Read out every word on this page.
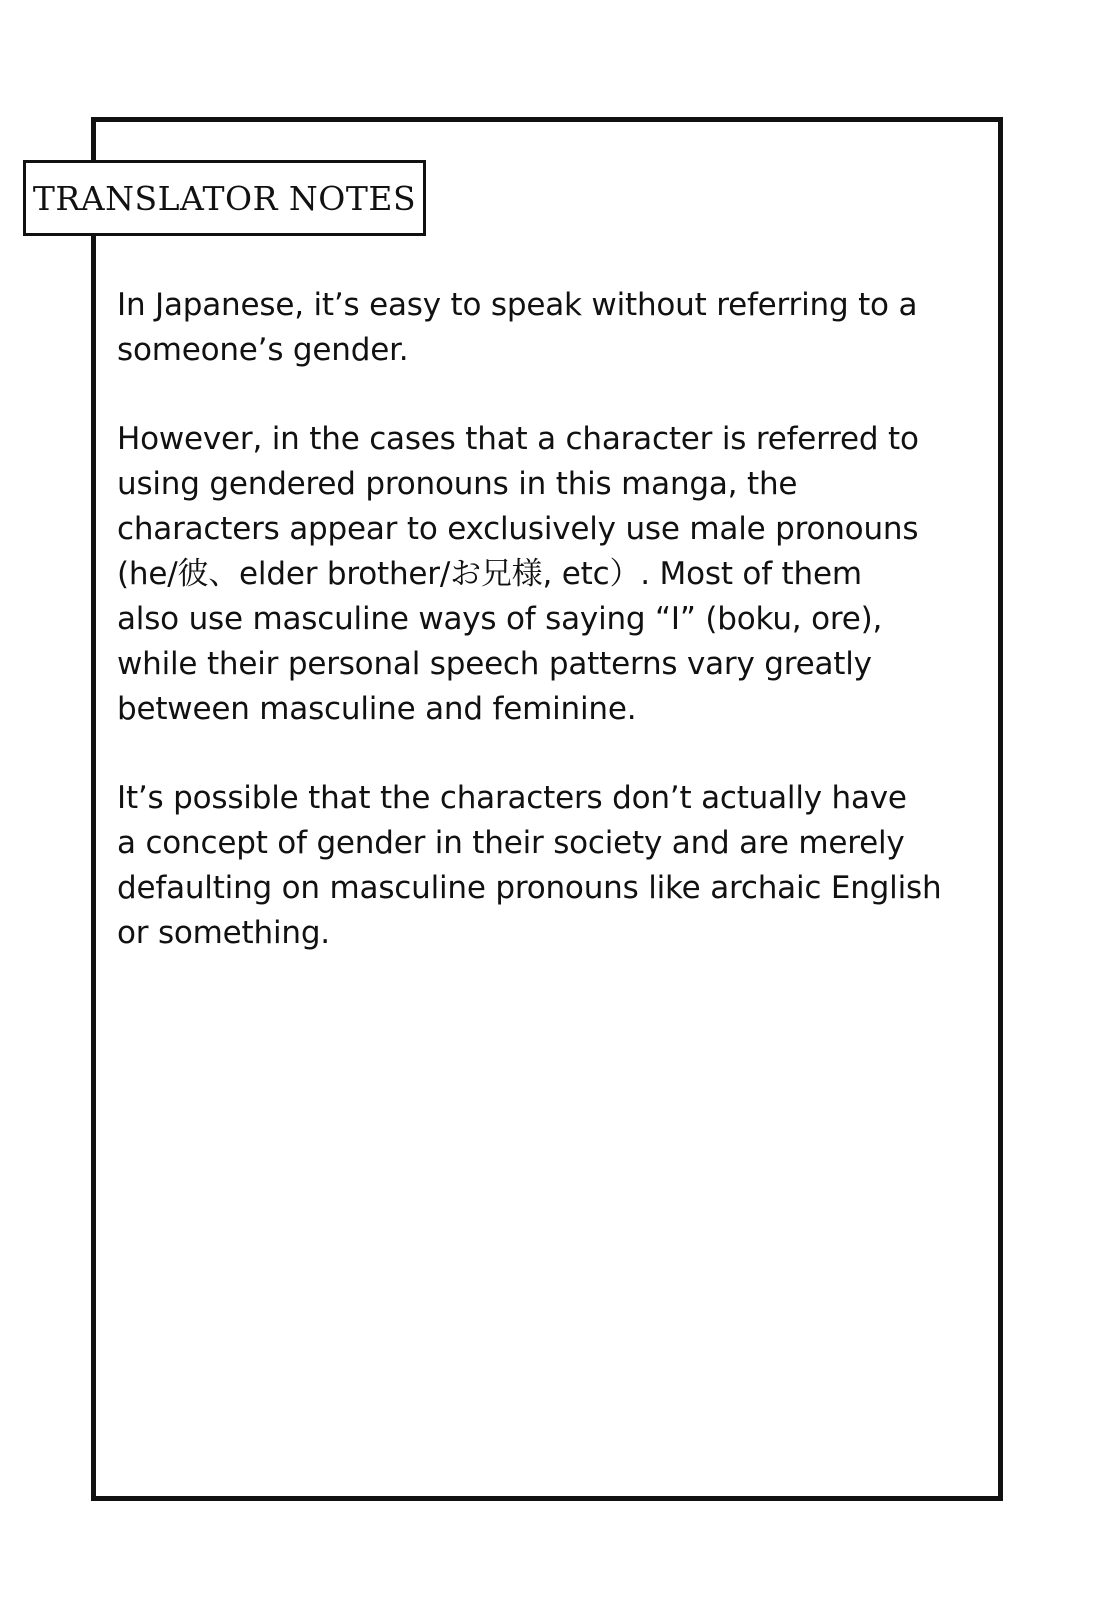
TRANSLATOR NOTES

In Japanese, it’s easy to speak without referring to a
someone’s gender.

However, in the cases that a character is referred to
using gendered pronouns in this manga, the
characters appear to exclusively use male pronouns
(he/彼、elder brother/お兄様, etc）. Most of them
also use masculine ways of saying “I” (boku, ore),
while their personal speech patterns vary greatly
between masculine and feminine.

It’s possible that the characters don’t actually have
a concept of gender in their society and are merely
defaulting on masculine pronouns like archaic English
or something.
